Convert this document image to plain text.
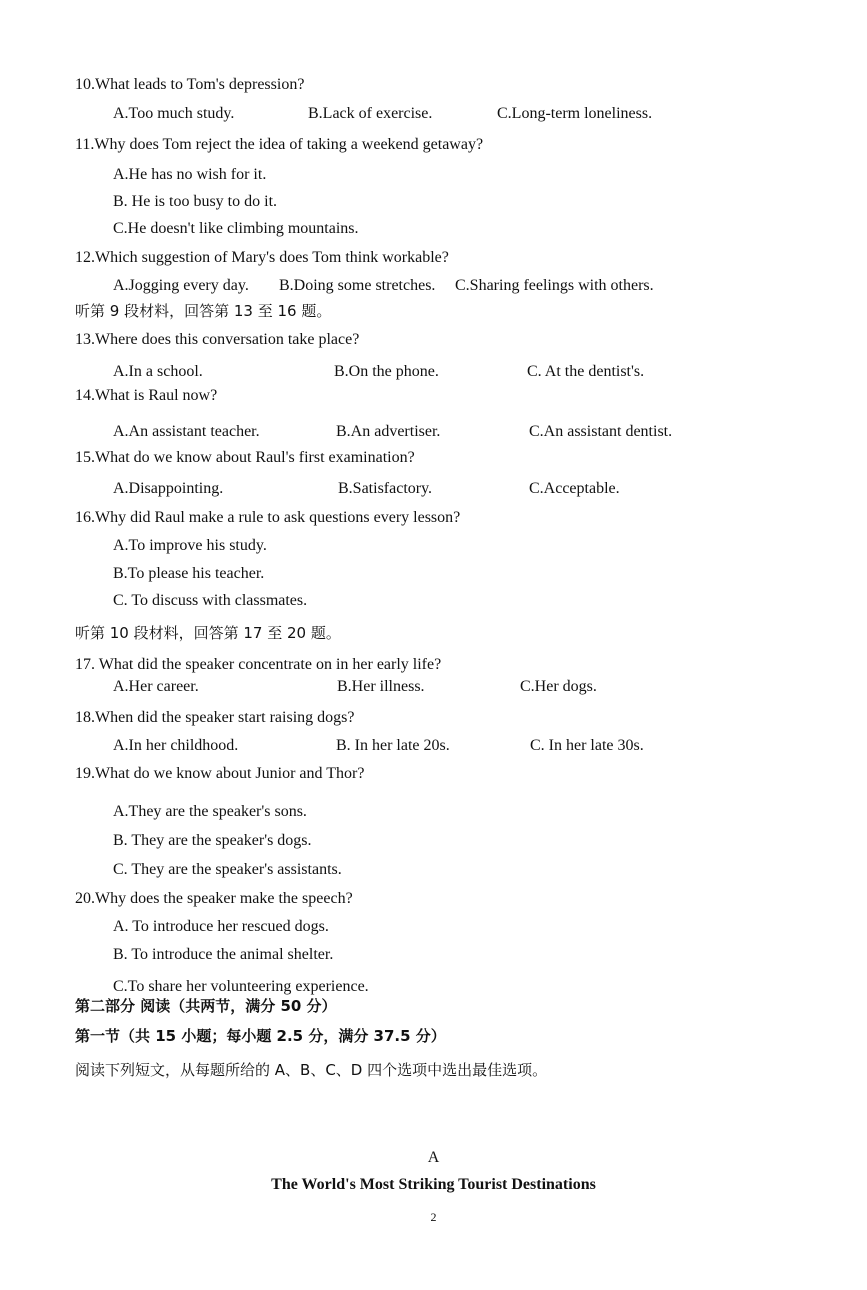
10.What leads to Tom's depression?
A.Too much study.	B.Lack of exercise.	C.Long-term loneliness.
11.Why does Tom reject the idea of taking a weekend getaway?
A.He has no wish for it.
B. He is too busy to do it.
C.He doesn't like climbing mountains.
12.Which suggestion of Mary's does Tom think workable?
A.Jogging every day. B.Doing some stretches. C.Sharing feelings with others.
听第 9 段材料，回答第 13 至 16 题。
13.Where does this conversation take place?
A.In a school.	B.On the phone.	C. At the dentist's.
14.What is Raul now?
A.An assistant teacher.	B.An advertiser.	C.An assistant dentist.
15.What do we know about Raul's first examination?
A.Disappointing.	B.Satisfactory.	C.Acceptable.
16.Why did Raul make a rule to ask questions every lesson?
A.To improve his study.
B.To please his teacher.
C. To discuss with classmates.
听第 10 段材料，回答第 17 至 20 题。
17. What did the speaker concentrate on in her early life?
A.Her career.	B.Her illness.	C.Her dogs.
18.When did the speaker start raising dogs?
A.In her childhood.	B. In her late 20s.	C. In her late 30s.
19.What do we know about Junior and Thor?
A.They are the speaker's sons.
B. They are the speaker's dogs.
C. They are the speaker's assistants.
20.Why does the speaker make the speech?
A. To introduce her rescued dogs.
B. To introduce the animal shelter.
C.To share her volunteering experience.
第二部分 阅读（共两节，满分 50 分）
第一节（共 15 小题；每小题 2.5 分，满分 37.5 分）
阅读下列短文，从每题所给的 A、B、C、D 四个选项中选出最佳选项。
A
The World's Most Striking Tourist Destinations
2
